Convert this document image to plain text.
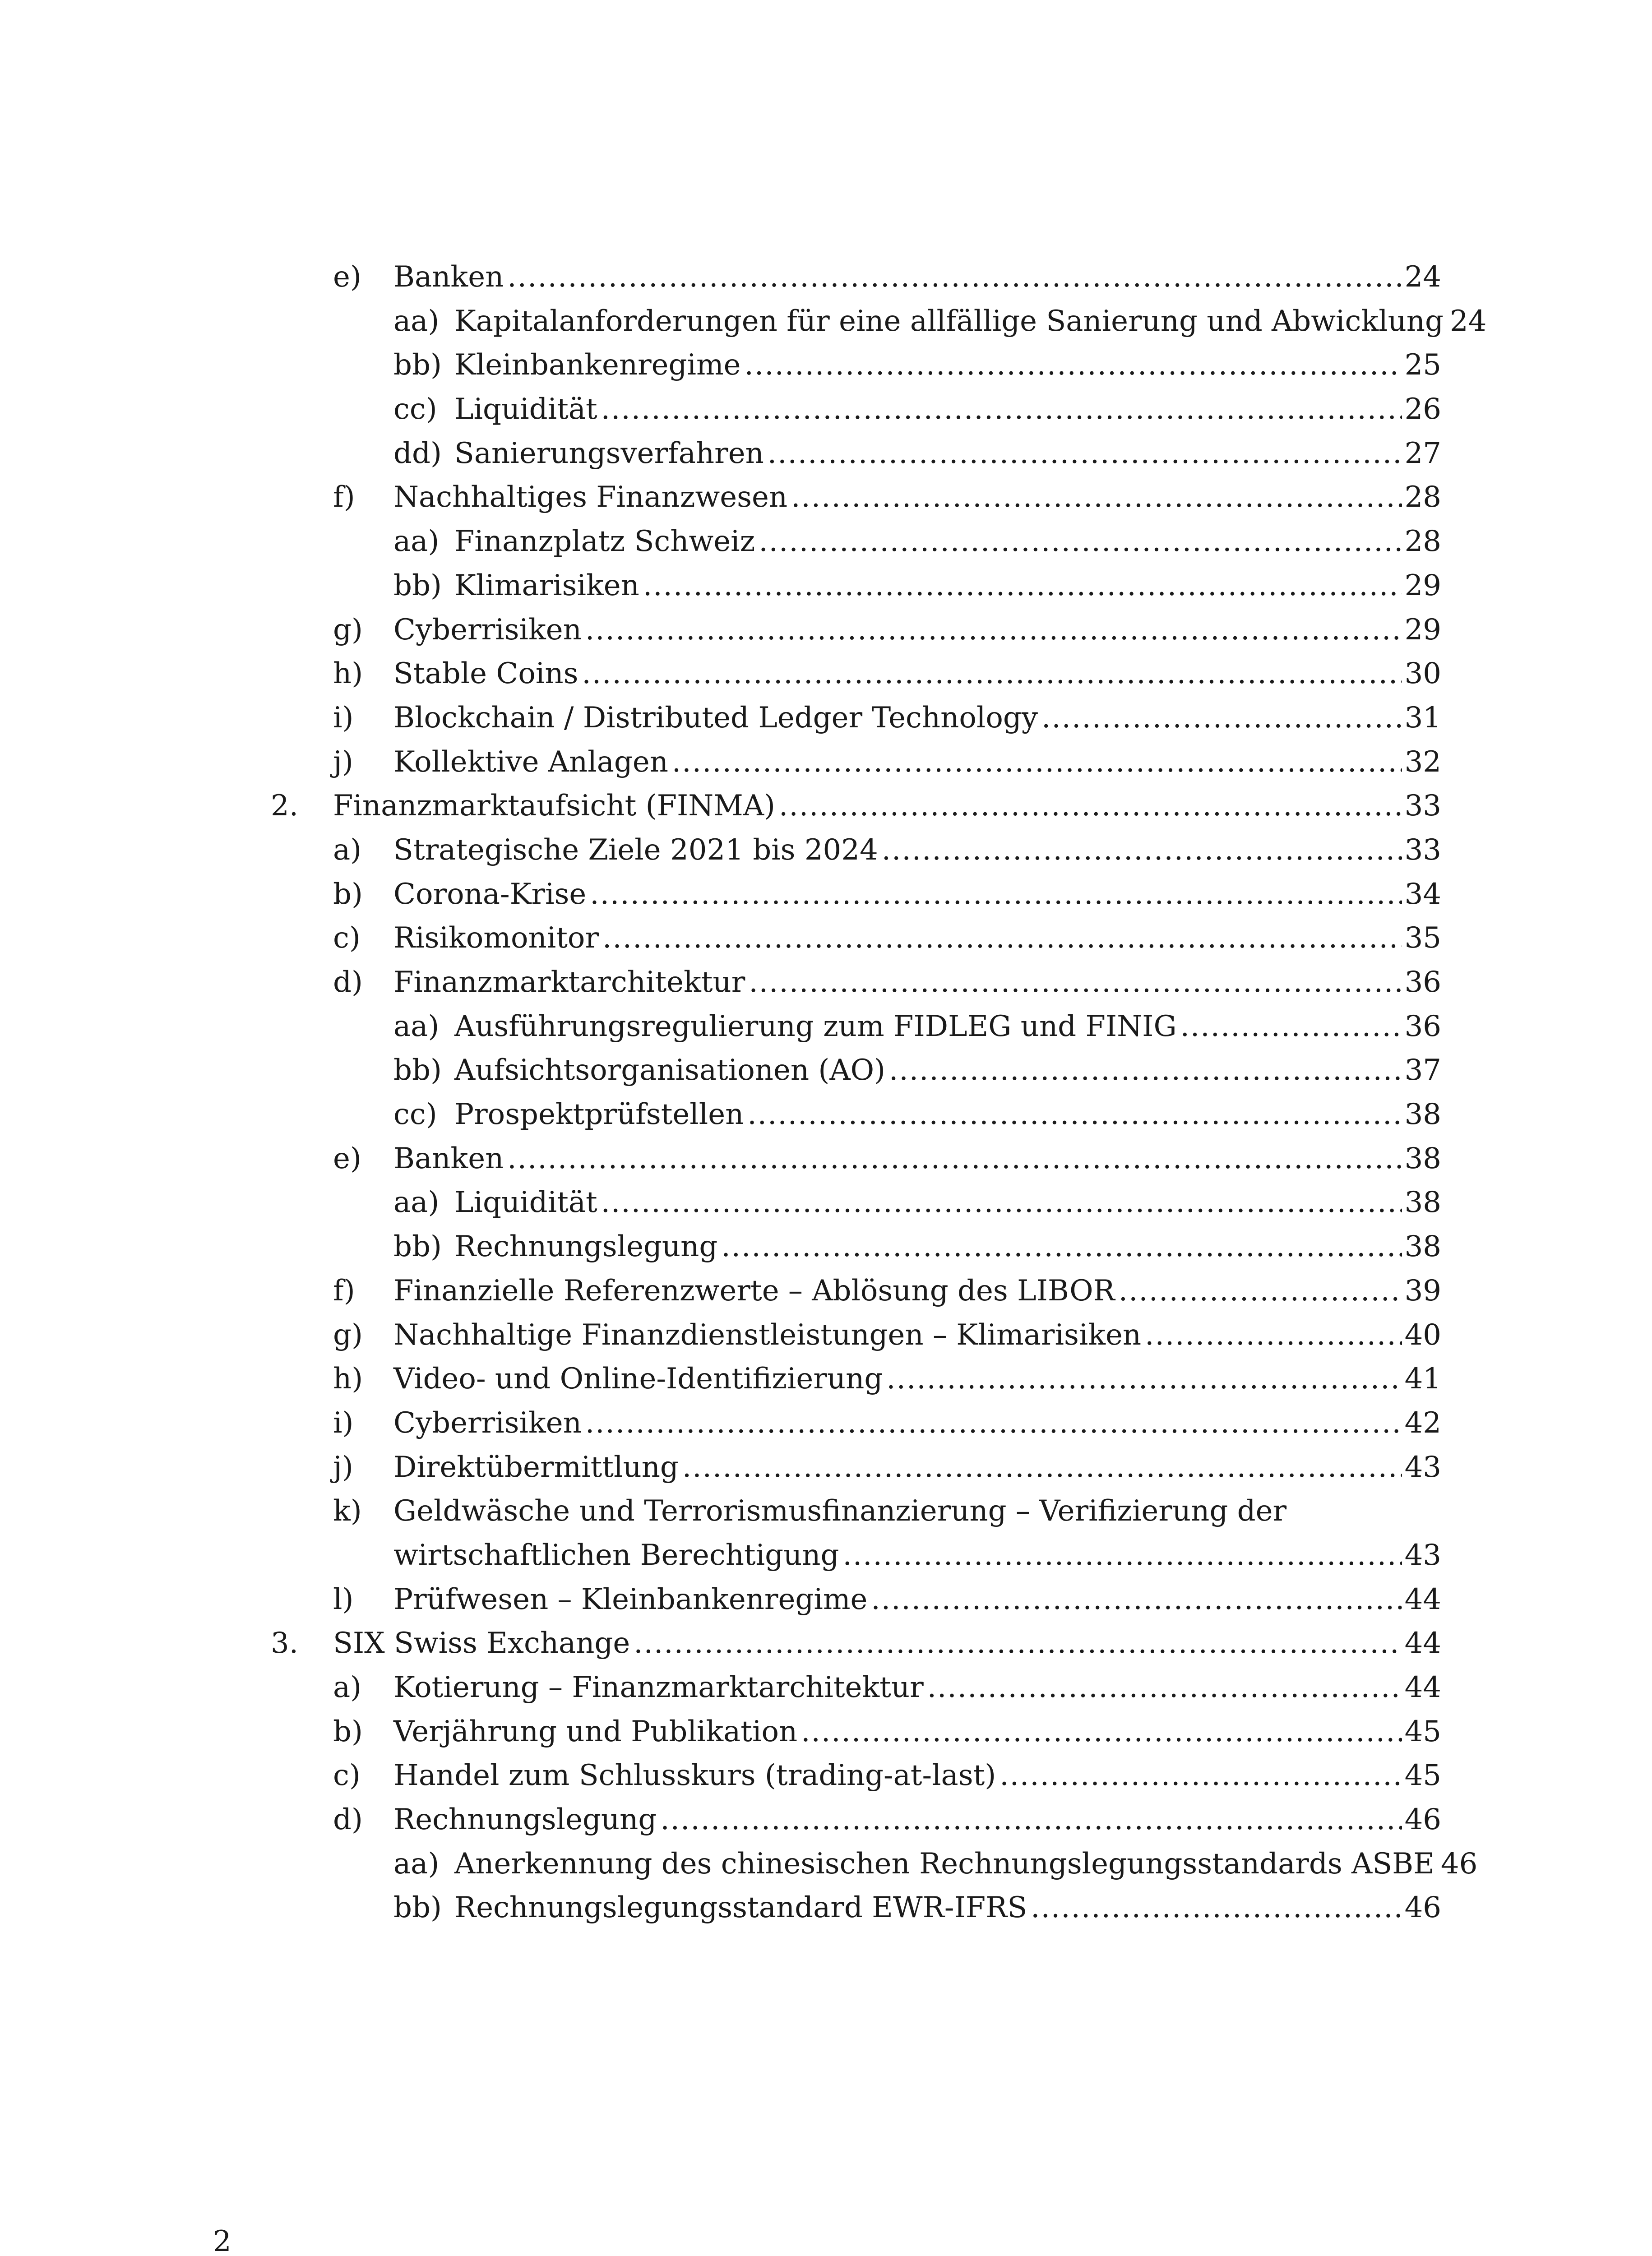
e) Banken .....	24
aa) Kapitalanforderungen für eine allfällige Sanierung und Abwicklung 24
bb) Kleinbankenregime .....	25
cc) Liquidität .....	26
dd) Sanierungsverfahren .....	27
f) Nachhaltiges Finanzwesen .....	28
aa) Finanzplatz Schweiz .....	28
bb) Klimarisiken .....	29
g) Cyberrisiken .....	29
h) Stable Coins .....	30
i) Blockchain / Distributed Ledger Technology .....	31
j) Kollektive Anlagen .....	32
2. Finanzmarktaufsicht (FINMA) .....	33
a) Strategische Ziele 2021 bis 2024 .....	33
b) Corona-Krise .....	34
c) Risikomonitor .....	35
d) Finanzmarktarchitektur .....	36
aa) Ausführungsregulierung zum FIDLEG und FINIG .....	36
bb) Aufsichtsorganisationen (AO) .....	37
cc) Prospektprüfstellen .....	38
e) Banken .....	38
aa) Liquidität .....	38
bb) Rechnungslegung .....	38
f) Finanzielle Referenzwerte – Ablösung des LIBOR .....	39
g) Nachhaltige Finanzdienstleistungen – Klimarisiken .....	40
h) Video- und Online-Identifizierung .....	41
i) Cyberrisiken .....	42
j) Direktübermittlung .....	43
k) Geldwäsche und Terrorismusfinanzierung – Verifizierung der
wirtschaftlichen Berechtigung .....	43
l) Prüfwesen – Kleinbankenregime .....	44
3. SIX Swiss Exchange .....	44
a) Kotierung – Finanzmarktarchitektur .....	44
b) Verjährung und Publikation .....	45
c) Handel zum Schlusskurs (trading-at-last) .....	45
d) Rechnungslegung .....	46
aa) Anerkennung des chinesischen Rechnungslegungsstandards ASBE 46
bb) Rechnungslegungsstandard EWR-IFRS .....	46
2
